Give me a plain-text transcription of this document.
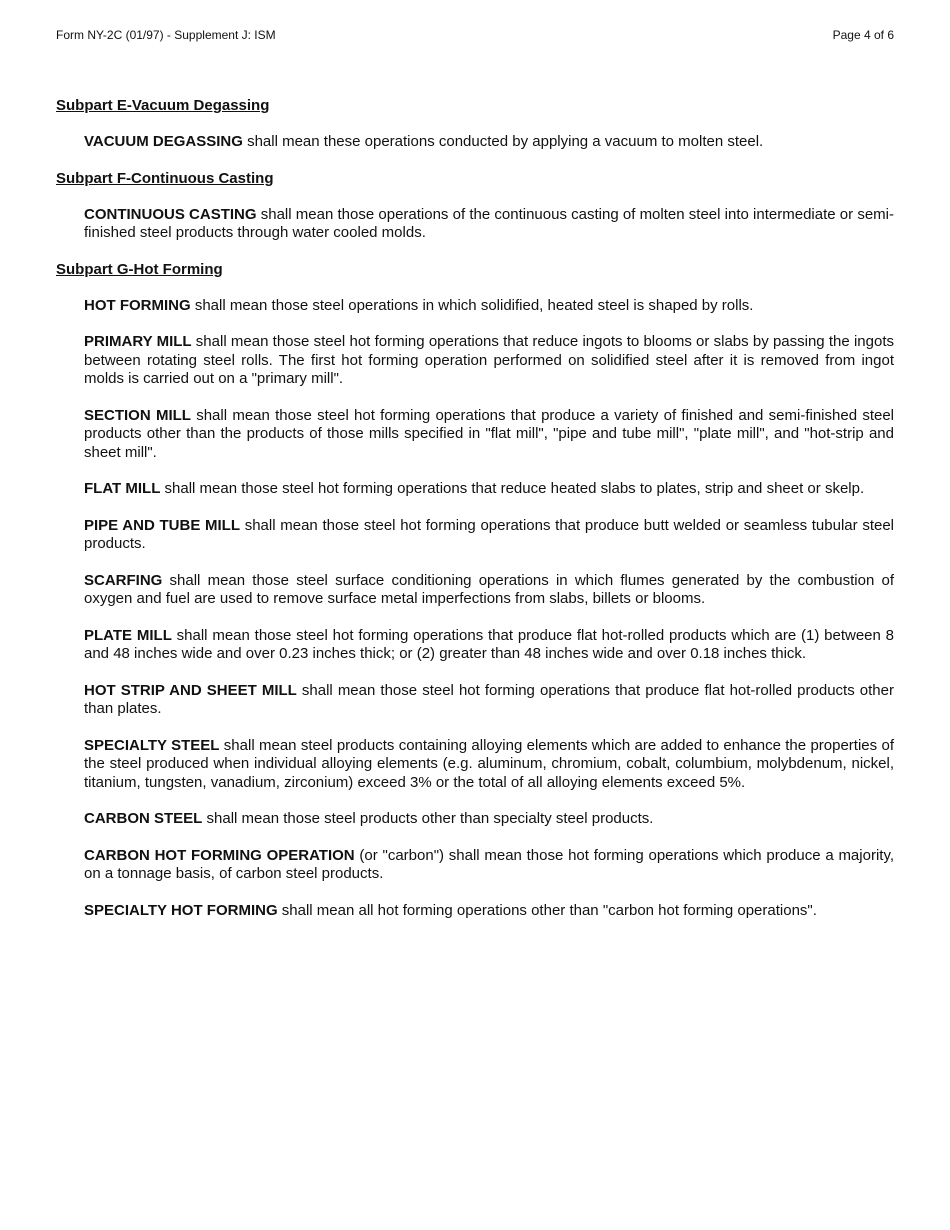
Form NY-2C (01/97) - Supplement J: ISM	Page 4 of 6
Subpart E-Vacuum Degassing

VACUUM DEGASSING shall mean these operations conducted by applying a vacuum to molten steel.

Subpart F-Continuous Casting

CONTINUOUS CASTING shall mean those operations of the continuous casting of molten steel into intermediate or semi-finished steel products through water cooled molds.

Subpart G-Hot Forming

HOT FORMING shall mean those steel operations in which solidified, heated steel is shaped by rolls.

PRIMARY MILL shall mean those steel hot forming operations that reduce ingots to blooms or slabs by passing the ingots between rotating steel rolls. The first hot forming operation performed on solidified steel after it is removed from ingot molds is carried out on a "primary mill".

SECTION MILL shall mean those steel hot forming operations that produce a variety of finished and semi-finished steel products other than the products of those mills specified in "flat mill", "pipe and tube mill", "plate mill", and "hot-strip and sheet mill".

FLAT MILL shall mean those steel hot forming operations that reduce heated slabs to plates, strip and sheet or skelp.

PIPE AND TUBE MILL shall mean those steel hot forming operations that produce butt welded or seamless tubular steel products.

SCARFING shall mean those steel surface conditioning operations in which flumes generated by the combustion of oxygen and fuel are used to remove surface metal imperfections from slabs, billets or blooms.

PLATE MILL shall mean those steel hot forming operations that produce flat hot-rolled products which are (1) between 8 and 48 inches wide and over 0.23 inches thick; or (2) greater than 48 inches wide and over 0.18 inches thick.

HOT STRIP AND SHEET MILL shall mean those steel hot forming operations that produce flat hot-rolled products other than plates.

SPECIALTY STEEL shall mean steel products containing alloying elements which are added to enhance the properties of the steel produced when individual alloying elements (e.g. aluminum, chromium, cobalt, columbium, molybdenum, nickel, titanium, tungsten, vanadium, zirconium) exceed 3% or the total of all alloying elements exceed 5%.

CARBON STEEL shall mean those steel products other than specialty steel products.

CARBON HOT FORMING OPERATION (or "carbon") shall mean those hot forming operations which produce a majority, on a tonnage basis, of carbon steel products.

SPECIALTY HOT FORMING shall mean all hot forming operations other than "carbon hot forming operations".
